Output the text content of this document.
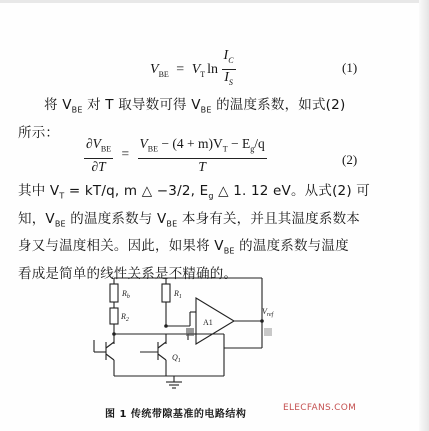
$V_{BE} = V_T$ $\ln \frac{I_C}{I_S}$	(1)
将 $V_{BE}$ 对 T 取导数可得 $V_{BE}$ 的温度系数，如式(2)
所示：
$\frac{\partial V_{BE}}{\partial T} = \frac{V_{BE} - (4 + m)V_T - E_g/q}{T}$	(2)
其中 $V_T = kT/q$, m △ −3/2, $E_g$ △ 1. 12 eV。从式(2) 可
知，$V_{BE}$ 的温度系数与 $V_{BE}$ 本身有关，并且其温度系数本
身又与温度相关。因此，如果将 $V_{BE}$ 的温度系数与温度
看成是简单的线性关系是不精确的。
$R_b$	$R_1$
$R_2$	A1
$V_{ref}$
$Q_1$
图 1 传统带隙基准的电路结构
ELECFANS.COM
